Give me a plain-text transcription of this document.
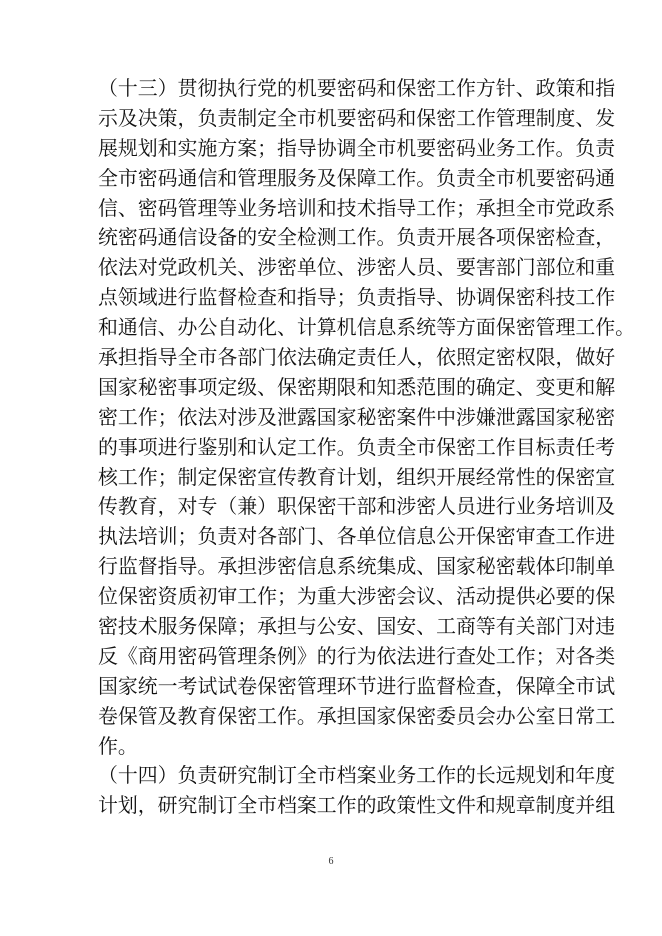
（十三）贯彻执行党的机要密码和保密工作方针、政策和指
示及决策，负责制定全市机要密码和保密工作管理制度、发
展规划和实施方案；指导协调全市机要密码业务工作。负责
全市密码通信和管理服务及保障工作。负责全市机要密码通
信、密码管理等业务培训和技术指导工作；承担全市党政系
统密码通信设备的安全检测工作。负责开展各项保密检查，
依法对党政机关、涉密单位、涉密人员、要害部门部位和重
点领域进行监督检查和指导；负责指导、协调保密科技工作
和通信、办公自动化、计算机信息系统等方面保密管理工作。
承担指导全市各部门依法确定责任人，依照定密权限，做好
国家秘密事项定级、保密期限和知悉范围的确定、变更和解
密工作；依法对涉及泄露国家秘密案件中涉嫌泄露国家秘密
的事项进行鉴别和认定工作。负责全市保密工作目标责任考
核工作；制定保密宣传教育计划，组织开展经常性的保密宣
传教育，对专（兼）职保密干部和涉密人员进行业务培训及
执法培训；负责对各部门、各单位信息公开保密审查工作进
行监督指导。承担涉密信息系统集成、国家秘密载体印制单
位保密资质初审工作；为重大涉密会议、活动提供必要的保
密技术服务保障；承担与公安、国安、工商等有关部门对违
反《商用密码管理条例》的行为依法进行查处工作；对各类
国家统一考试试卷保密管理环节进行监督检查，保障全市试
卷保管及教育保密工作。承担国家保密委员会办公室日常工
作。
（十四）负责研究制订全市档案业务工作的长远规划和年度
计划，研究制订全市档案工作的政策性文件和规章制度并组
6
